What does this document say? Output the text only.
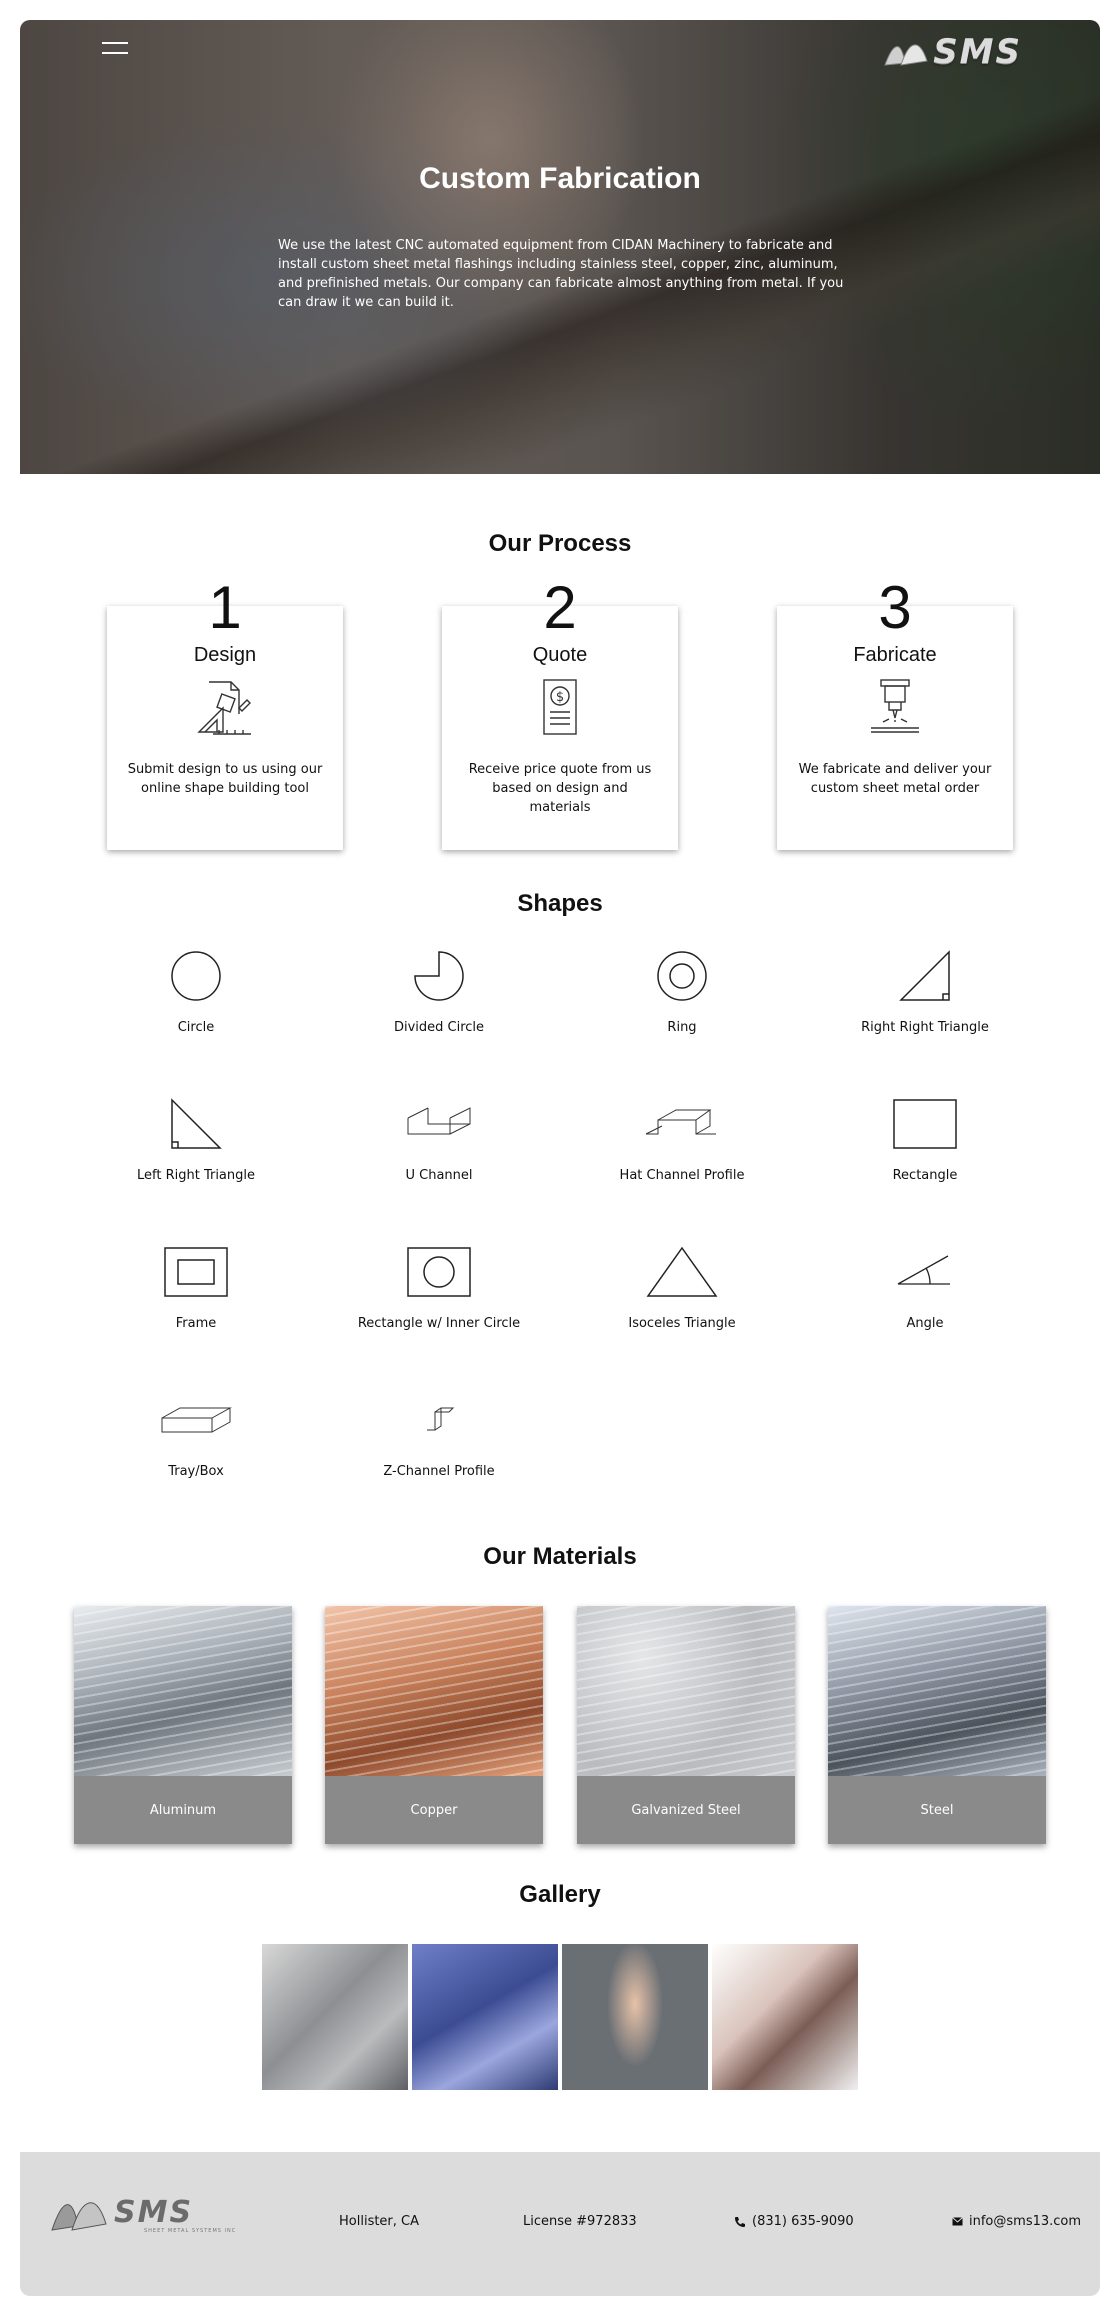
SMS
Custom Fabrication

We use the latest CNC automated equipment from CIDAN Machinery to fabricate and install custom sheet metal flashings including stainless steel, copper, zinc, aluminum, and prefinished metals. Our company can fabricate almost anything from metal. If you can draw it we can build it.

Our Process
1
Design
Submit design to us using our online shape building tool
2
Quote
$
Receive price quote from us based on design and materials
3
Fabricate
We fabricate and deliver your custom sheet metal order
Shapes
Circle	Divided Circle	Ring	Right Right Triangle
Left Right Triangle	U Channel	Hat Channel Profile	Rectangle
Frame	Rectangle w/ Inner Circle	Isoceles Triangle	Angle
Tray/Box	Z-Channel Profile
Our Materials
Aluminum	Copper	Galvanized Steel	Steel
Gallery
SMS
SHEET METAL SYSTEMS INC
Hollister, CA	License #972833	(831) 635-9090	info@sms13.com
